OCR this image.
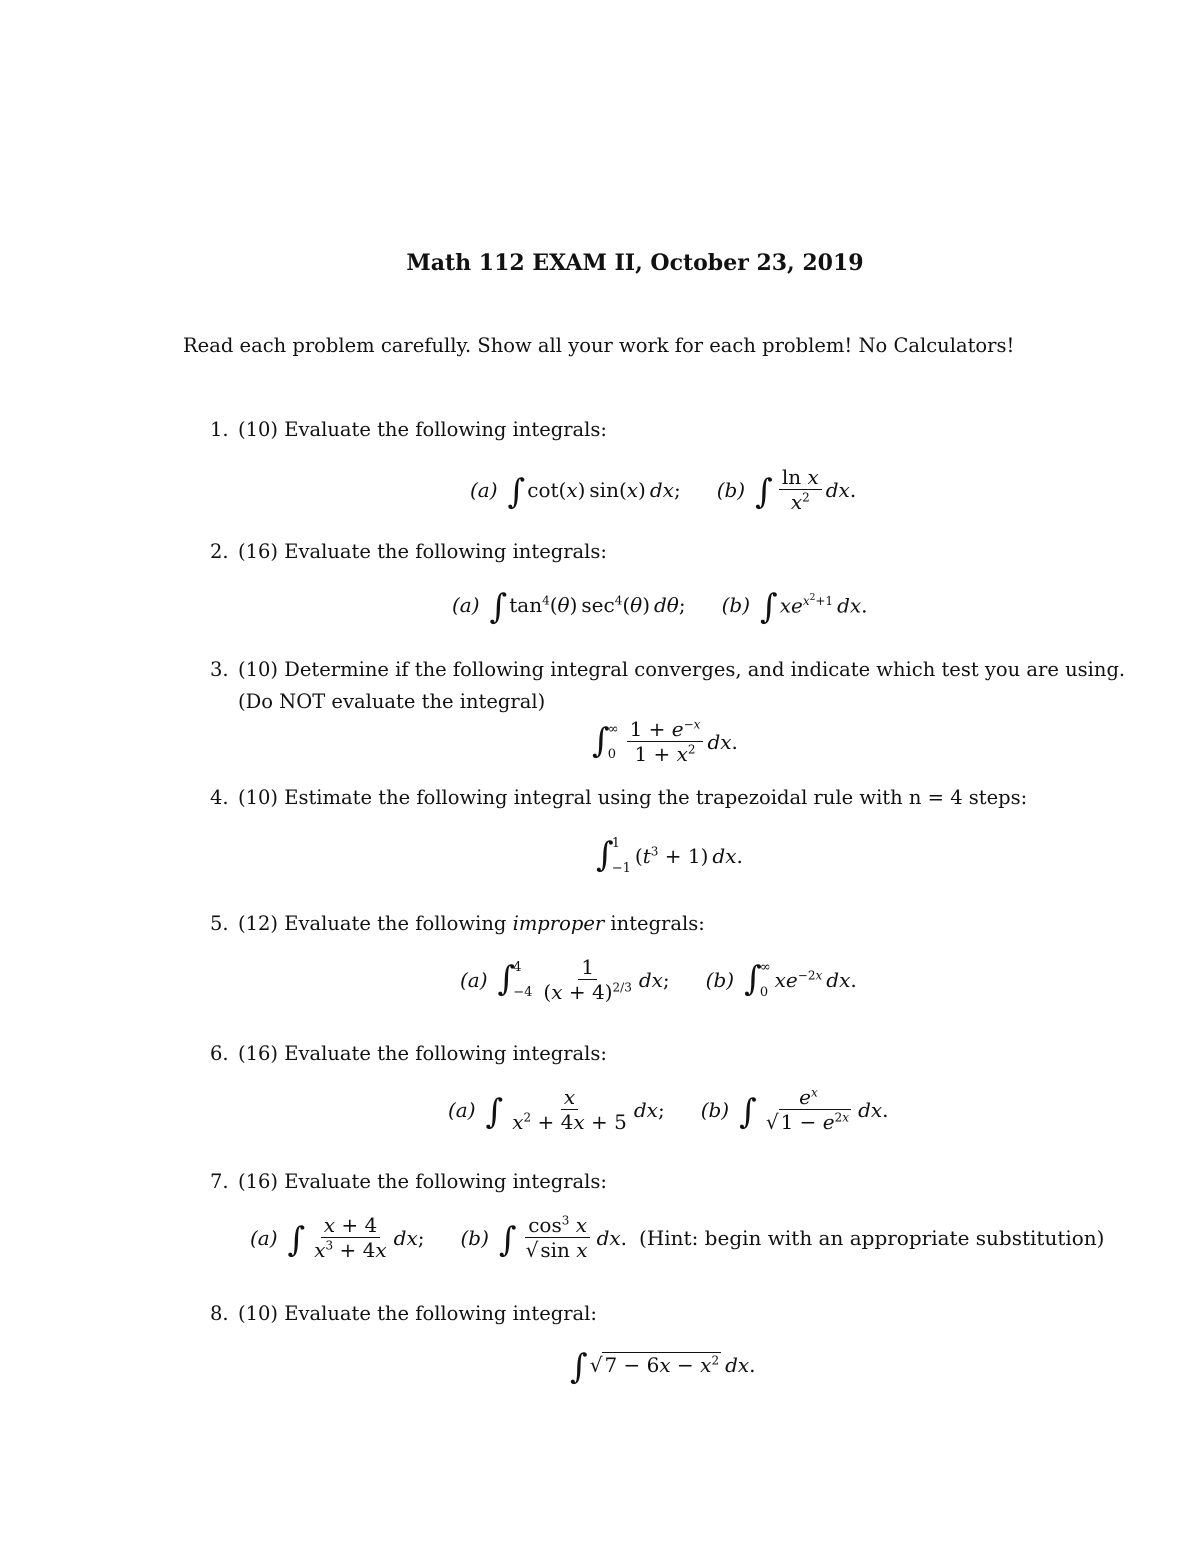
Math 112 EXAM II, October 23, 2019
Read each problem carefully. Show all your work for each problem! No Calculators!
1. (10) Evaluate the following integrals:
(a) ∫ cot(x) sin(x) dx; (b) ∫ $\frac{\text{ln x}}{x^2}$ dx.
2. (16) Evaluate the following integrals:
(a) ∫ $\tan^4(\theta)$ $\sec^4(\theta)$ dθ; (b) ∫ $xe^{x^2+1}$  dx.
3. (10) Determine if the following integral converges, and indicate which test you are using.
(Do NOT evaluate the integral)
∫
∞
$0 \frac{1 + e^{-x}}{1 + x^2}$ dx.
4. (10) Estimate the following integral using the trapezoidal rule with n = 4 steps:
∫
1
−1
$(t^3 + 1)$ dx.
5. (12) Evaluate the following improper integrals:
(a) ∫
4
$-4 \frac{1}{(x + 4)^{2/3}}$ dx; (b) ∫
∞
0
$xe^{-2x}$  dx.
6. (16) Evaluate the following integrals:
(a) ∫ $\frac{x}{x^2 + 4x + 5}$ dx; (b) ∫ $\frac{e^x}{√ 1 - e^{2x}}$ dx.
7. (16) Evaluate the following integrals:
(a) ∫ $\frac{x + 4}{x^3 + 4x}$ dx; (b) ∫ $\frac{\cos^3 x}{\text{√ sin x}}$ dx. (Hint: begin with an appropriate substitution)
8. (10) Evaluate the following integral:
∫ √ $7 - 6x - x^2$  dx.
